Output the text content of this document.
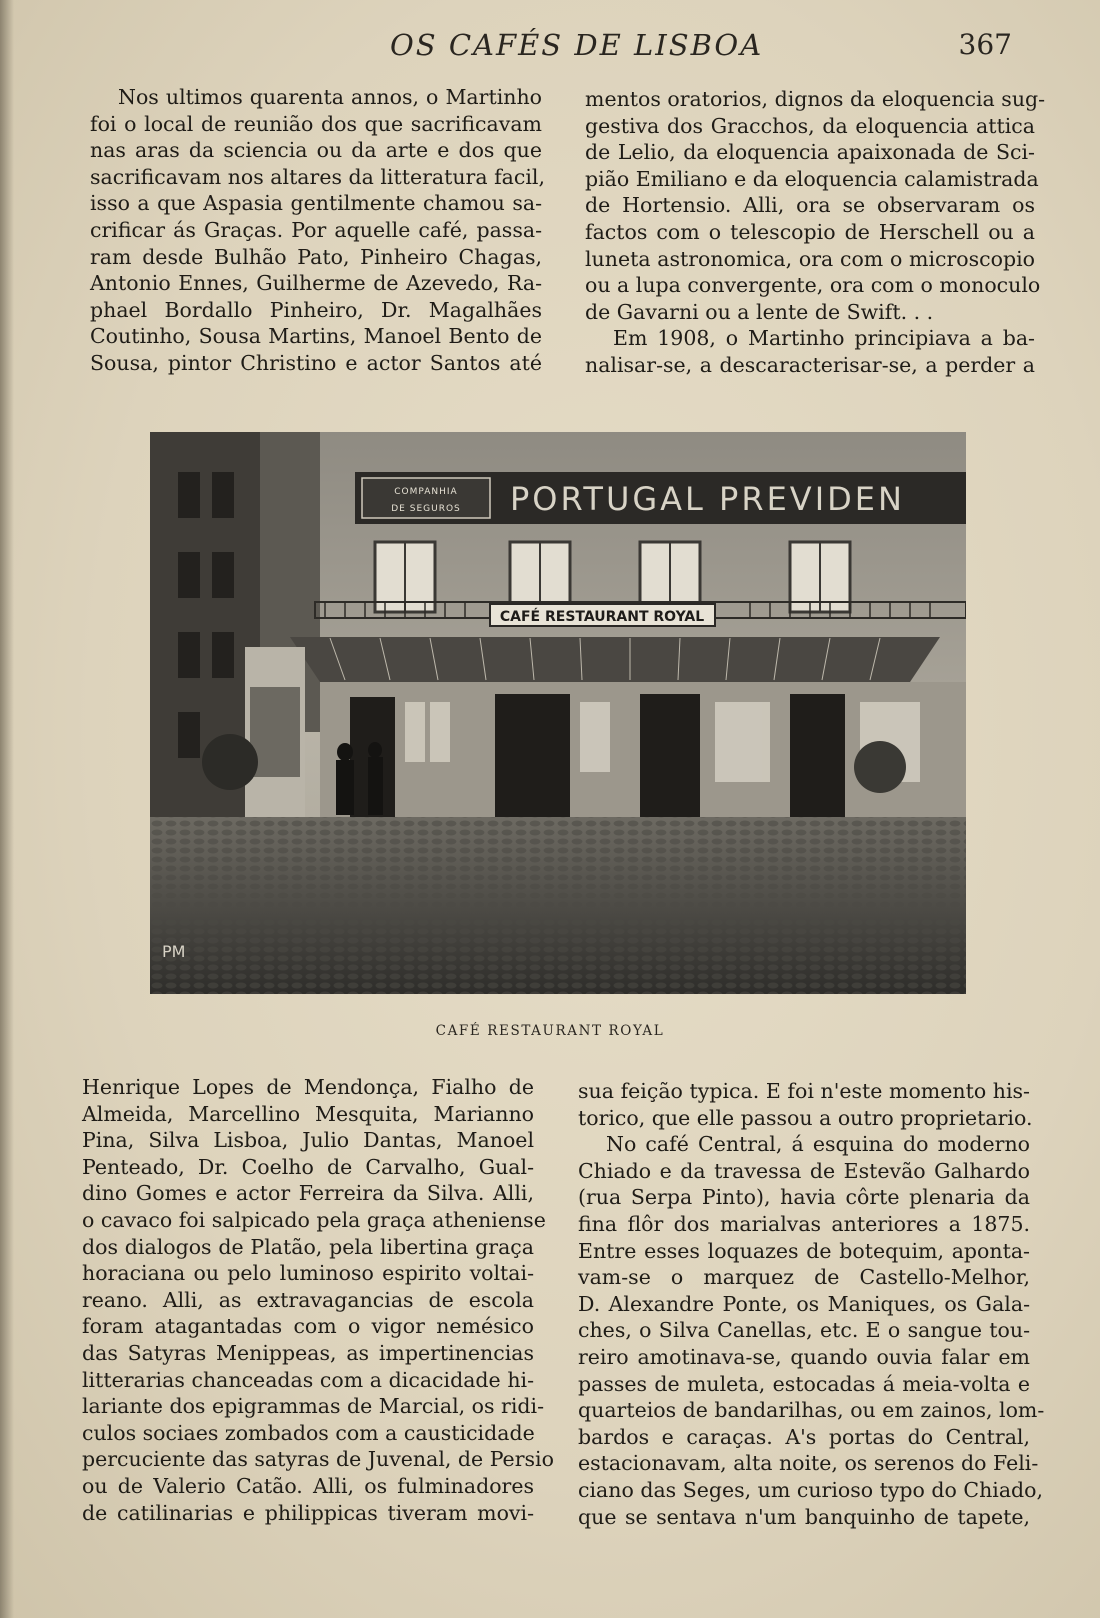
OS CAFÉS DE LISBOA	367
Nos ultimos quarenta annos, o Martinho
foi o local de reunião dos que sacrificavam
nas aras da sciencia ou da arte e dos que
sacrificavam nos altares da litteratura facil,
isso a que Aspasia gentilmente chamou sa-
crificar ás Graças. Por aquelle café, passa-
ram desde Bulhão Pato, Pinheiro Chagas,
Antonio Ennes, Guilherme de Azevedo, Ra-
phael Bordallo Pinheiro, Dr. Magalhães
Coutinho, Sousa Martins, Manoel Bento de
Sousa, pintor Christino e actor Santos até
mentos oratorios, dignos da eloquencia sug-
gestiva dos Gracchos, da eloquencia attica
de Lelio, da eloquencia apaixonada de Sci-
pião Emiliano e da eloquencia calamistrada
de Hortensio. Alli, ora se observaram os
factos com o telescopio de Herschell ou a
luneta astronomica, ora com o microscopio
ou a lupa convergente, ora com o monoculo
de Gavarni ou a lente de Swift. . .
Em 1908, o Martinho principiava a ba-
nalisar-se, a descaracterisar-se, a perder a
COMPANHIA
DE SEGUROS PORTUGAL PREVIDEN
CAFÉ RESTAURANT ROYAL
PM
CAFÉ RESTAURANT ROYAL
Henrique Lopes de Mendonça, Fialho de
Almeida, Marcellino Mesquita, Marianno
Pina, Silva Lisboa, Julio Dantas, Manoel
Penteado, Dr. Coelho de Carvalho, Gual-
dino Gomes e actor Ferreira da Silva. Alli,
o cavaco foi salpicado pela graça atheniense
dos dialogos de Platão, pela libertina graça
horaciana ou pelo luminoso espirito voltai-
reano. Alli, as extravagancias de escola
foram atagantadas com o vigor nemésico
das Satyras Menippeas, as impertinencias
litterarias chanceadas com a dicacidade hi-
lariante dos epigrammas de Marcial, os ridi-
culos sociaes zombados com a causticidade
percuciente das satyras de Juvenal, de Persio
ou de Valerio Catão. Alli, os fulminadores
de catilinarias e philippicas tiveram movi-
sua feição typica. E foi n'este momento his-
torico, que elle passou a outro proprietario.
No café Central, á esquina do moderno
Chiado e da travessa de Estevão Galhardo
(rua Serpa Pinto), havia côrte plenaria da
fina flôr dos marialvas anteriores a 1875.
Entre esses loquazes de botequim, aponta-
vam-se o marquez de Castello-Melhor,
D. Alexandre Ponte, os Maniques, os Gala-
ches, o Silva Canellas, etc. E o sangue tou-
reiro amotinava-se, quando ouvia falar em
passes de muleta, estocadas á meia-volta e
quarteios de bandarilhas, ou em zainos, lom-
bardos e caraças. A's portas do Central,
estacionavam, alta noite, os serenos do Feli-
ciano das Seges, um curioso typo do Chiado,
que se sentava n'um banquinho de tapete,
